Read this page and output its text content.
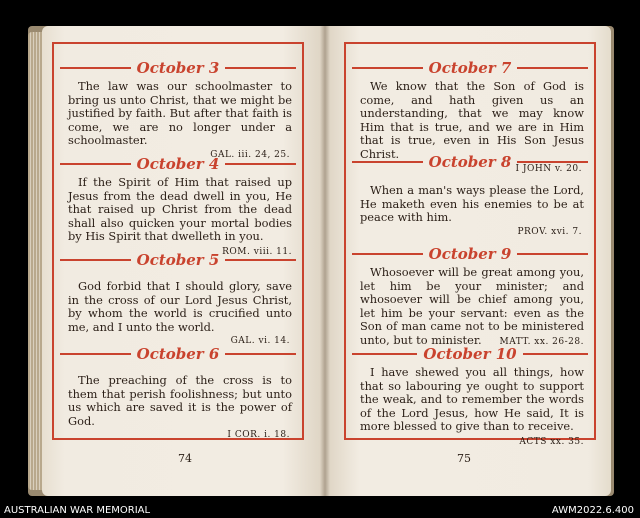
October 3
The law was our schoolmaster to bring us unto Christ, that we might be justified by faith. But after that faith is come, we are no longer under a schoolmaster.
GAL. iii. 24, 25.
October 4
If the Spirit of Him that raised up Jesus from the dead dwell in you, He that raised up Christ from the dead shall also quicken your mortal bodies by His Spirit that dwelleth in you.
ROM. viii. 11.
October 5
God forbid that I should glory, save in the cross of our Lord Jesus Christ, by whom the world is crucified unto me, and I unto the world.
GAL. vi. 14.
October 6
The preaching of the cross is to them that perish foolishness; but unto us which are saved it is the power of God.
I COR. i. 18.
October 7
We know that the Son of God is come, and hath given us an understanding, that we may know Him that is true, and we are in Him that is true, even in His Son Jesus Christ.
I JOHN v. 20.
October 8
When a man's ways please the Lord, He maketh even his enemies to be at peace with him.
PROV. xvi. 7.
October 9
Whosoever will be great among you, let him be your minister; and whosoever will be chief among you, let him be your servant: even as the Son of man came not to be ministered unto, but to minister.	MATT. xx. 26-28.
October 10
I have shewed you all things, how that so labouring ye ought to support the weak, and to remember the words of the Lord Jesus, how He said, It is more blessed to give than to receive.
ACTS xx. 35.
74	75
AUSTRALIAN WAR MEMORIAL	AWM2022.6.400
